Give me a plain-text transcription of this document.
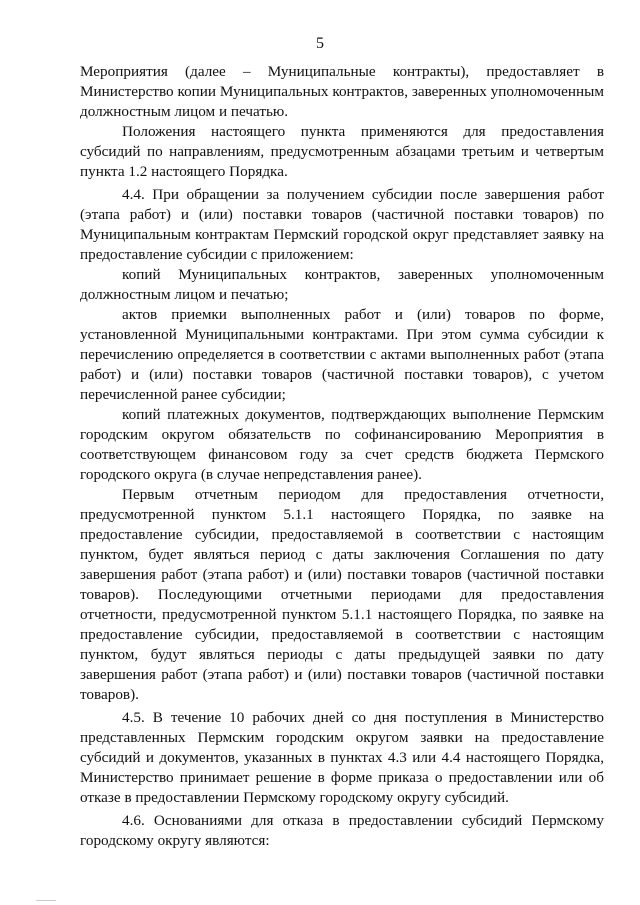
5

Мероприятия (далее – Муниципальные контракты), предоставляет в Министерство копии Муниципальных контрактов, заверенных уполномоченным должностным лицом и печатью.

Положения настоящего пункта применяются для предоставления субсидий по направлениям, предусмотренным абзацами третьим и четвертым пункта 1.2 настоящего Порядка.

4.4. При обращении за получением субсидии после завершения работ (этапа работ) и (или) поставки товаров (частичной поставки товаров) по Муниципальным контрактам Пермский городской округ представляет заявку на предоставление субсидии с приложением:

копий Муниципальных контрактов, заверенных уполномоченным должностным лицом и печатью;

актов приемки выполненных работ и (или) товаров по форме, установленной Муниципальными контрактами. При этом сумма субсидии к перечислению определяется в соответствии с актами выполненных работ (этапа работ) и (или) поставки товаров (частичной поставки товаров), с учетом перечисленной ранее субсидии;

копий платежных документов, подтверждающих выполнение Пермским городским округом обязательств по софинансированию Мероприятия в соответствующем финансовом году за счет средств бюджета Пермского городского округа (в случае непредставления ранее).

Первым отчетным периодом для предоставления отчетности, предусмотренной пунктом 5.1.1 настоящего Порядка, по заявке на предоставление субсидии, предоставляемой в соответствии с настоящим пунктом, будет являться период с даты заключения Соглашения по дату завершения работ (этапа работ) и (или) поставки товаров (частичной поставки товаров). Последующими отчетными периодами для предоставления отчетности, предусмотренной пунктом 5.1.1 настоящего Порядка, по заявке на предоставление субсидии, предоставляемой в соответствии с настоящим пунктом, будут являться периоды с даты предыдущей заявки по дату завершения работ (этапа работ) и (или) поставки товаров (частичной поставки товаров).

4.5. В течение 10 рабочих дней со дня поступления в Министерство представленных Пермским городским округом заявки на предоставление субсидий и документов, указанных в пунктах 4.3 или 4.4 настоящего Порядка, Министерство принимает решение в форме приказа о предоставлении или об отказе в предоставлении Пермскому городскому округу субсидий.

4.6. Основаниями для отказа в предоставлении субсидий Пермскому городскому округу являются:
